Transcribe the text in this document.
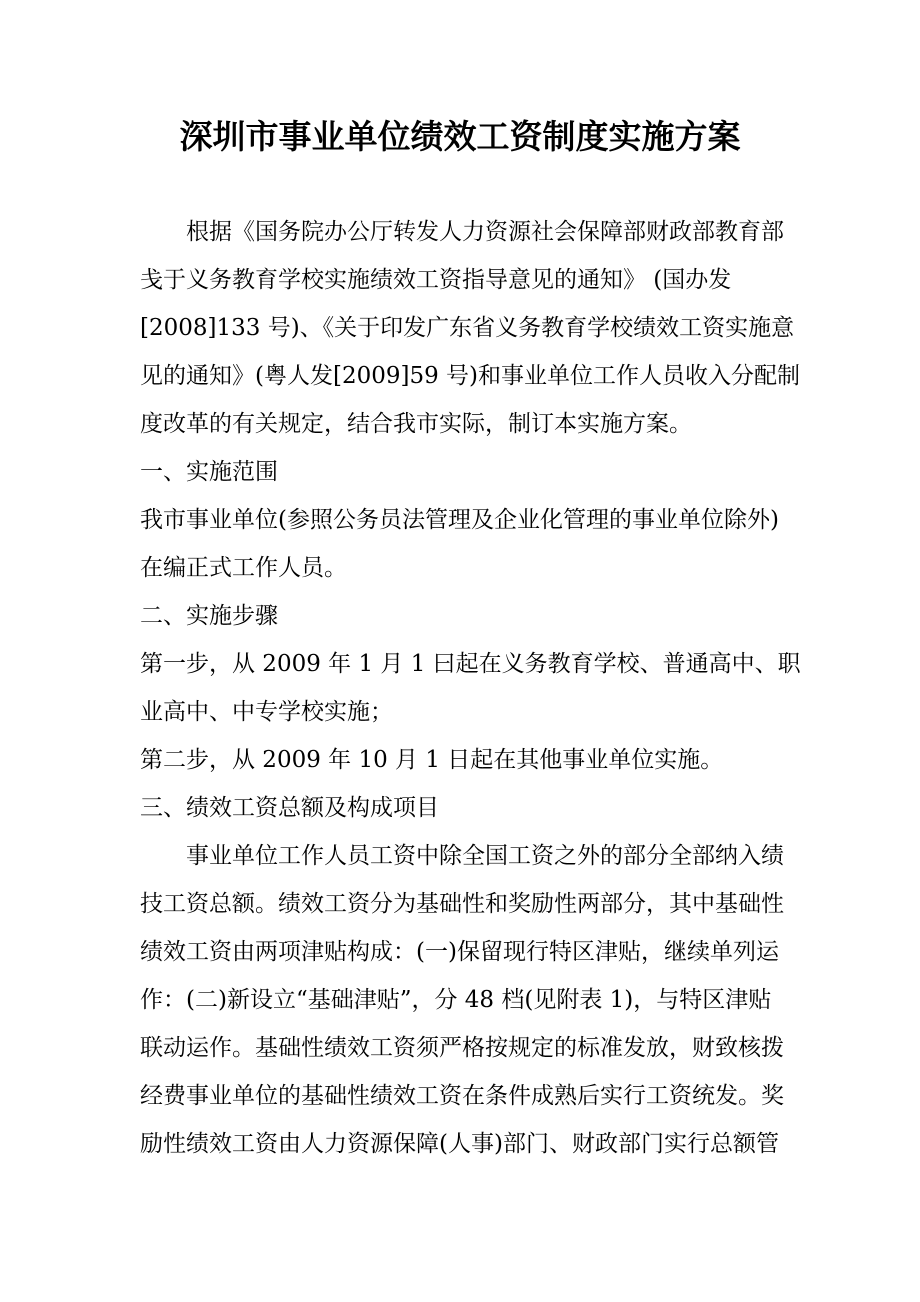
深圳市事业单位绩效工资制度实施方案
根据《国务院办公厅转发人力资源社会保障部财政部教育部
戋于义务教育学校实施绩效工资指导意见的通知》 (国办发
[2008]133 号)、《关于印发广东省义务教育学校绩效工资实施意
见的通知》(粤人发[2009]59 号)和事业单位工作人员收入分配制
度改革的有关规定，结合我市实际，制订本实施方案。
一、实施范围
我市事业单位(参照公务员法管理及企业化管理的事业单位除外)
在编正式工作人员。
二、实施步骤
第一步，从 2009 年 1 月 1 曰起在义务教育学校、普通高中、职
业高中、中专学校实施；
第二步，从 2009 年 10 月 1 日起在其他事业单位实施。
三、绩效工资总额及构成项目
事业单位工作人员工资中除全国工资之外的部分全部纳入绩
技工资总额。绩效工资分为基础性和奖励性两部分，其中基础性
绩效工资由两项津贴构成：(一)保留现行特区津贴，继续单列运
作：(二)新设立“基础津贴”，分 48 档(见附表 1)，与特区津贴
联动运作。基础性绩效工资须严格按规定的标准发放，财致核拨
经费事业单位的基础性绩效工资在条件成熟后实行工资统发。奖
励性绩效工资由人力资源保障(人事)部门、财政部门实行总额管
